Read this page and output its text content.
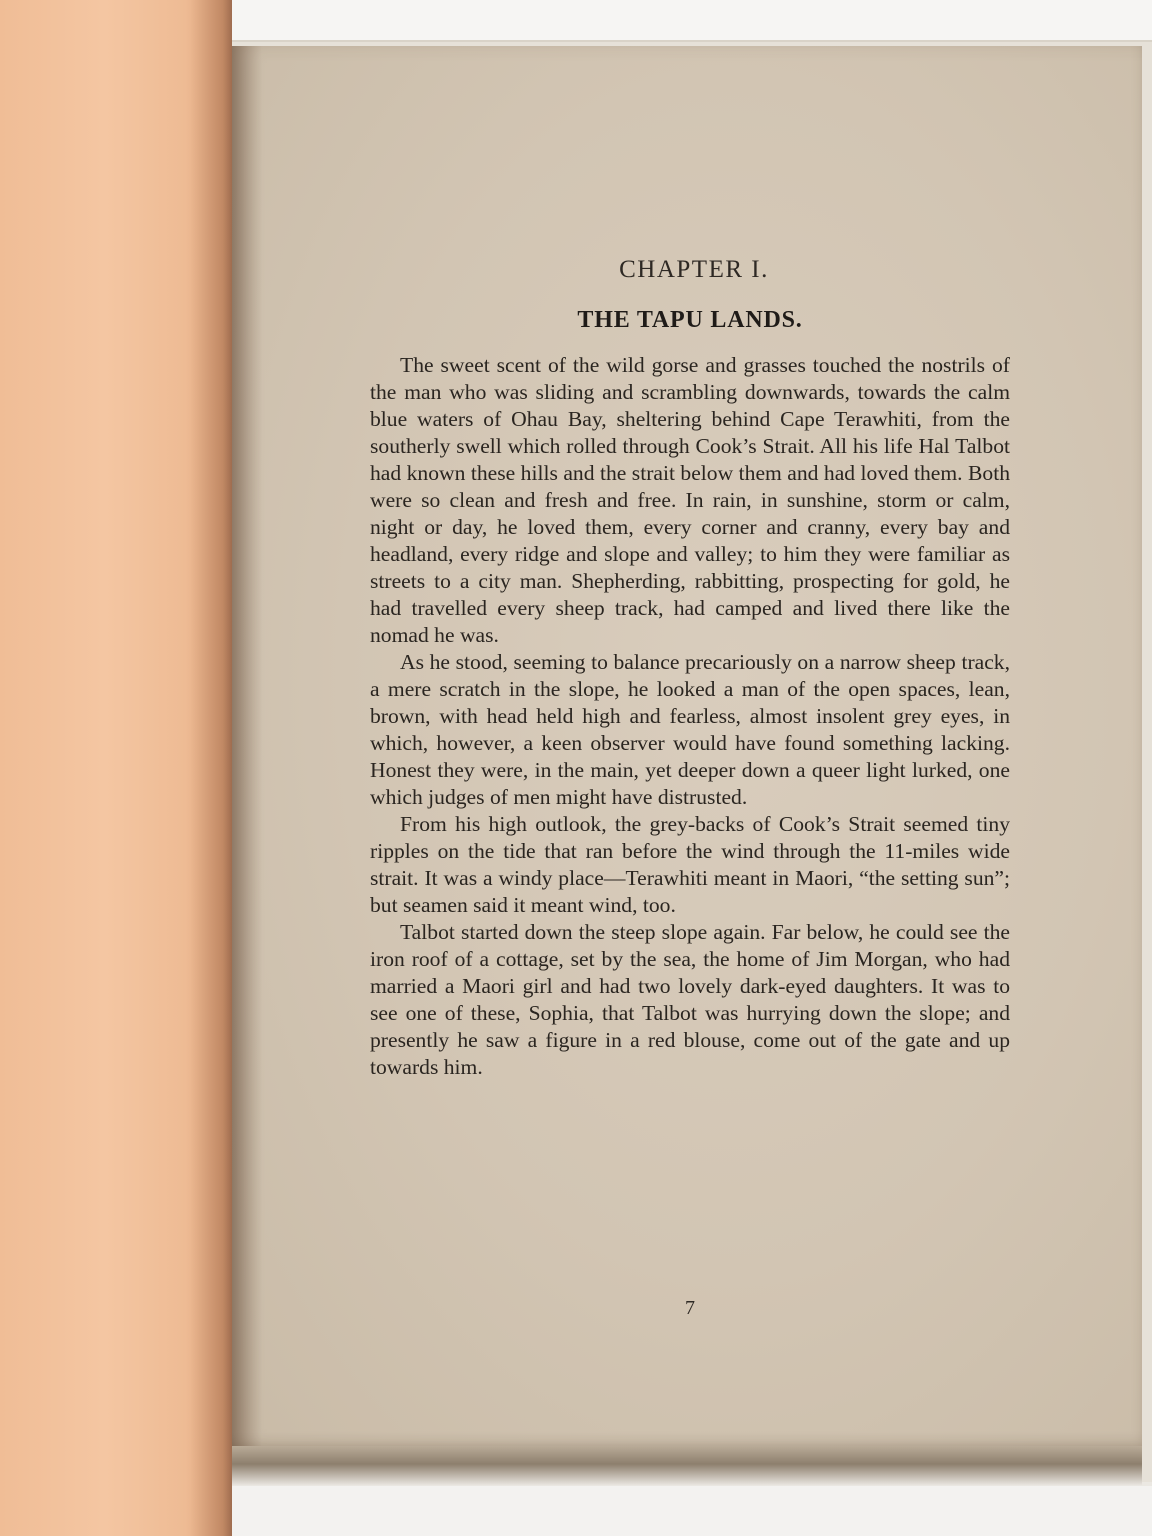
CHAPTER I.
THE TAPU LANDS.

The sweet scent of the wild gorse and grasses touched the nostrils of the man who was sliding and scrambling downwards, towards the calm blue waters of Ohau Bay, sheltering behind Cape Terawhiti, from the southerly swell which rolled through Cook’s Strait. All his life Hal Talbot had known these hills and the strait below them and had loved them. Both were so clean and fresh and free. In rain, in sunshine, storm or calm, night or day, he loved them, every corner and cranny, every bay and headland, every ridge and slope and valley; to him they were familiar as streets to a city man. Shepherding, rabbitting, prospecting for gold, he had travelled every sheep track, had camped and lived there like the nomad he was.

As he stood, seeming to balance precariously on a narrow sheep track, a mere scratch in the slope, he looked a man of the open spaces, lean, brown, with head held high and fearless, almost insolent grey eyes, in which, however, a keen observer would have found something lacking. Honest they were, in the main, yet deeper down a queer light lurked, one which judges of men might have distrusted.

From his high outlook, the grey-backs of Cook’s Strait seemed tiny ripples on the tide that ran before the wind through the 11-miles wide strait. It was a windy place—Terawhiti meant in Maori, “the setting sun”; but seamen said it meant wind, too.

Talbot started down the steep slope again. Far below, he could see the iron roof of a cottage, set by the sea, the home of Jim Morgan, who had married a Maori girl and had two lovely dark-eyed daughters. It was to see one of these, Sophia, that Talbot was hurrying down the slope; and presently he saw a figure in a red blouse, come out of the gate and up towards him.

7
